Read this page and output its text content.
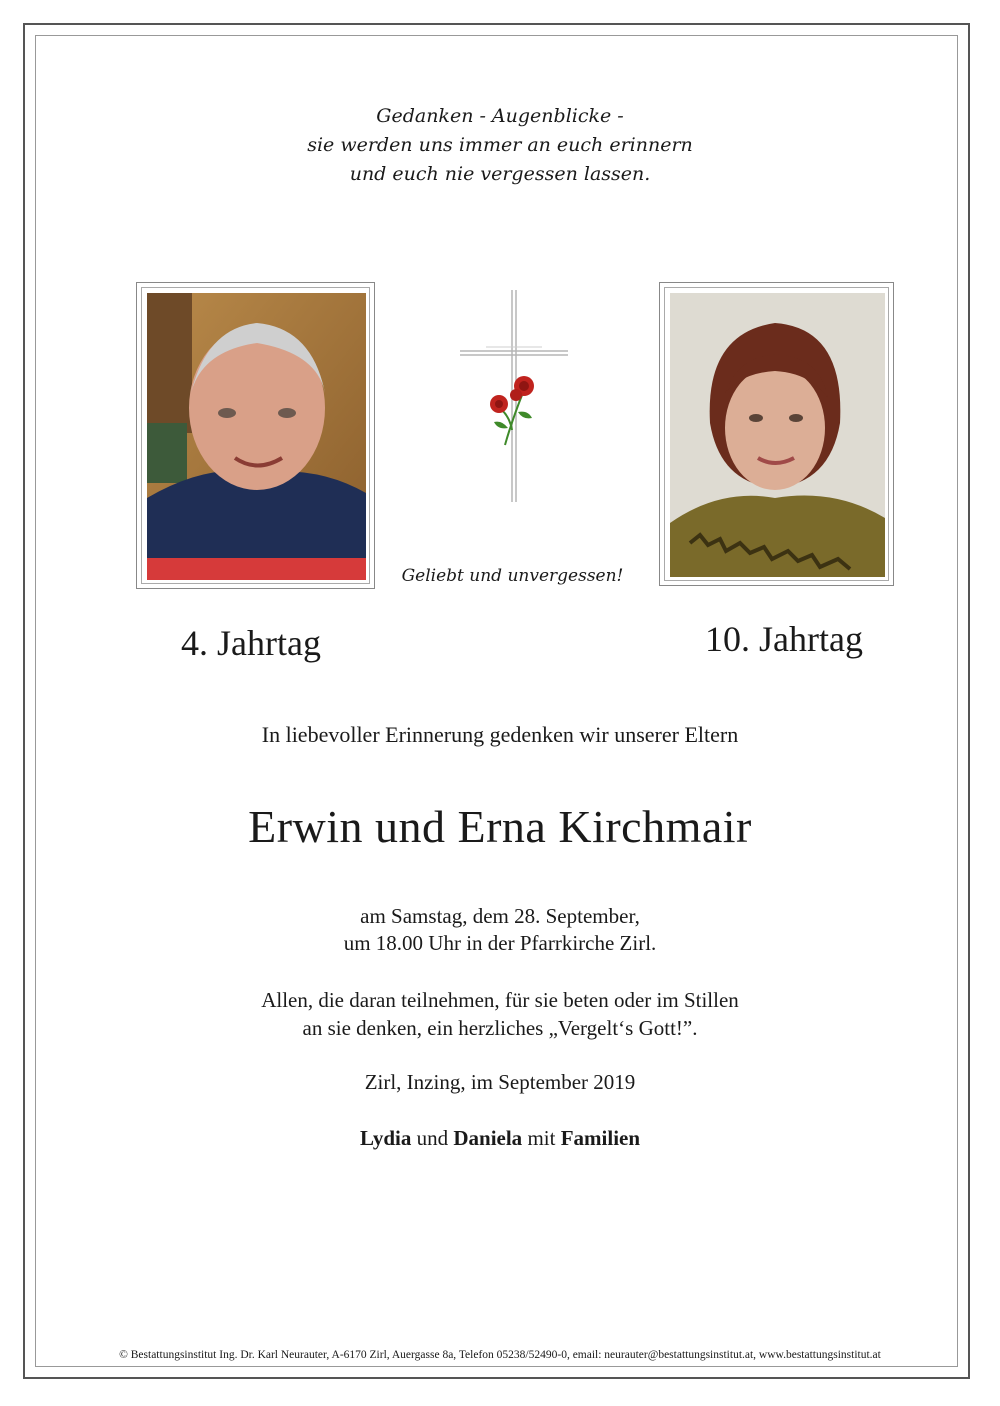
Gedanken - Augenblicke -
sie werden uns immer an euch erinnern
und euch nie vergessen lassen.
Geliebt und unvergessen!
4. Jahrtag	10. Jahrtag
In liebevoller Erinnerung gedenken wir unserer Eltern
Erwin und Erna Kirchmair
am Samstag, dem 28. September,
um 18.00 Uhr in der Pfarrkirche Zirl.
Allen, die daran teilnehmen, für sie beten oder im Stillen
an sie denken, ein herzliches „Vergelt‘s Gott!”.
Zirl, Inzing, im September 2019
Lydia und Daniela mit Familien
© Bestattungsinstitut Ing. Dr. Karl Neurauter, A-6170 Zirl, Auergasse 8a, Telefon 05238/52490-0, email: neurauter@bestattungsinstitut.at, www.bestattungsinstitut.at
